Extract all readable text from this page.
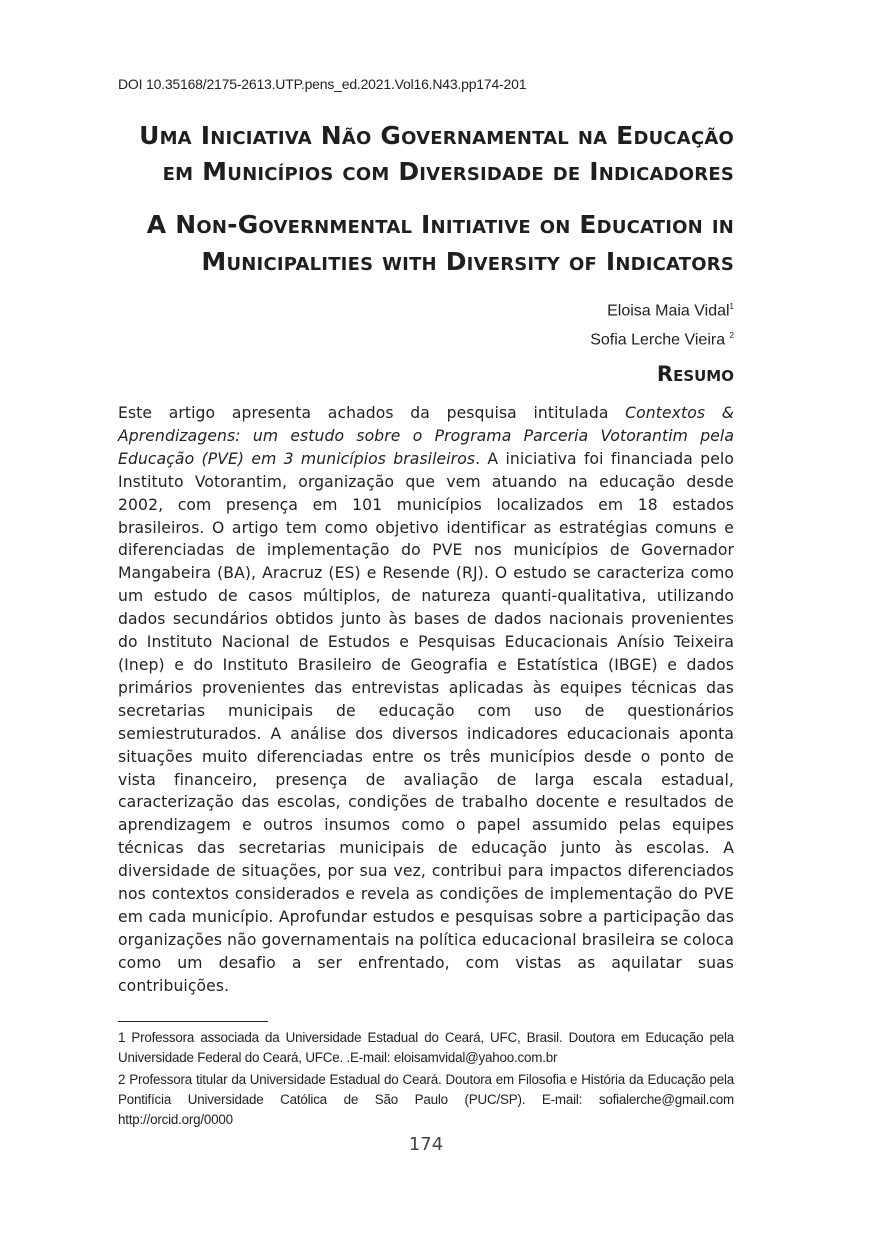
DOI 10.35168/2175-2613.UTP.pens_ed.2021.Vol16.N43.pp174-201
Uma Iniciativa Não Governamental na Educação
em Municípios com Diversidade de Indicadores
A Non-Governmental Initiative on Education in
Municipalities with Diversity of Indicators
Eloisa Maia Vidal$^1$
Sofia Lerche Vieira $^2$
Resumo

Este artigo apresenta achados da pesquisa intitulada Contextos & Aprendizagens: um estudo sobre o Programa Parceria Votorantim pela Educação (PVE) em 3 municípios brasileiros. A iniciativa foi financiada pelo Instituto Votorantim, organização que vem atuando na educação desde 2002, com presença em 101 municípios localizados em 18 estados brasileiros. O artigo tem como objetivo identificar as estratégias comuns e diferenciadas de implementação do PVE nos municípios de Governador Mangabeira (BA), Aracruz (ES) e Resende (RJ). O estudo se caracteriza como um estudo de casos múltiplos, de natureza quanti-qualitativa, utilizando dados secundários obtidos junto às bases de dados nacionais provenientes do Instituto Nacional de Estudos e Pesquisas Educacionais Anísio Teixeira (Inep) e do Instituto Brasileiro de Geografia e Estatística (IBGE) e dados primários provenientes das entrevistas aplicadas às equipes técnicas das secretarias municipais de educação com uso de questionários semiestruturados. A análise dos diversos indicadores educacionais aponta situações muito diferenciadas entre os três municípios desde o ponto de vista financeiro, presença de avaliação de larga escala estadual, caracterização das escolas, condições de trabalho docente e resultados de aprendizagem e outros insumos como o papel assumido pelas equipes técnicas das secretarias municipais de educação junto às escolas. A diversidade de situações, por sua vez, contribui para impactos diferenciados nos contextos considerados e revela as condições de implementação do PVE em cada município. Aprofundar estudos e pesquisas sobre a participação das organizações não governamentais na política educacional brasileira se coloca como um desafio a ser enfrentado, com vistas as aquilatar suas contribuições.

1 Professora associada da Universidade Estadual do Ceará, UFC, Brasil. Doutora em Educação pela Universidade Federal do Ceará, UFCe. .E-mail: eloisamvidal@yahoo.com.br

2 Professora titular da Universidade Estadual do Ceará. Doutora em Filosofia e História da Educação pela Pontifícia Universidade Católica de São Paulo (PUC/SP). E-mail: sofialerche@gmail.com http://orcid.org/0000

174
